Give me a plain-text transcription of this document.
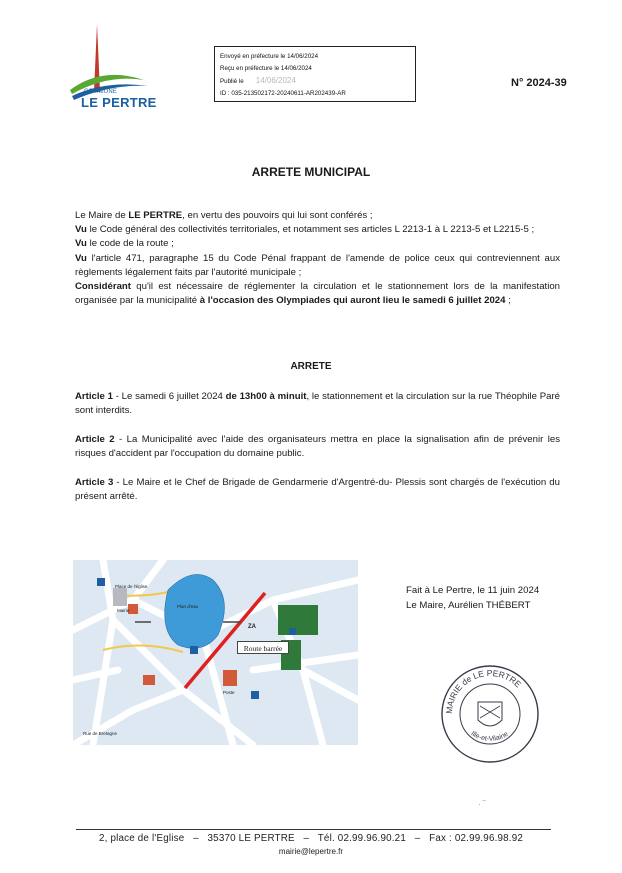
COMMUNE
LE PERTRE
Envoyé en préfecture le 14/06/2024
Reçu en préfecture le 14/06/2024
Publié le 14/06/2024
ID : 035-213502172-20240611-AR202439-AR
N° 2024-39
ARRETE MUNICIPAL
Le Maire de LE PERTRE, en vertu des pouvoirs qui lui sont conférés ;
Vu le Code général des collectivités territoriales, et notamment ses articles L 2213-1 à L 2213-5 et L2215-5 ;
Vu le code de la route ;
Vu l'article 471, paragraphe 15 du Code Pénal frappant de l'amende de police ceux qui contreviennent aux règlements légalement faits par l'autorité municipale ;
Considérant qu'il est nécessaire de réglementer la circulation et le stationnement lors de la manifestation organisée par la municipalité à l'occasion des Olympiades qui auront lieu le samedi 6 juillet 2024 ;
ARRETE
Article 1 - Le samedi 6 juillet 2024 de 13h00 à minuit, le stationnement et la circulation sur la rue Théophile Paré sont interdits.
Article 2 - La Municipalité avec l'aide des organisateurs mettra en place la signalisation afin de prévenir les risques d'accident par l'occupation du domaine public.
Article 3 - Le Maire et le Chef de Brigade de Gendarmerie d'Argentré-du- Plessis sont chargés de l'exécution du présent arrêté.
Plan d'eau
Place de l'église
Mairie
Poste
Rue de Bretagne
ZA
Route barrée
Fait à Le Pertre, le 11 juin 2024
Le Maire, Aurélien THÉBERT
MAIRIE de LE PERTRE
Ille-et-Vilaine
· ‾
2, place de l'Eglise   –   35370 LE PERTRE   –   Tél. 02.99.96.90.21   –   Fax : 02.99.96.98.92
mairie@lepertre.fr
